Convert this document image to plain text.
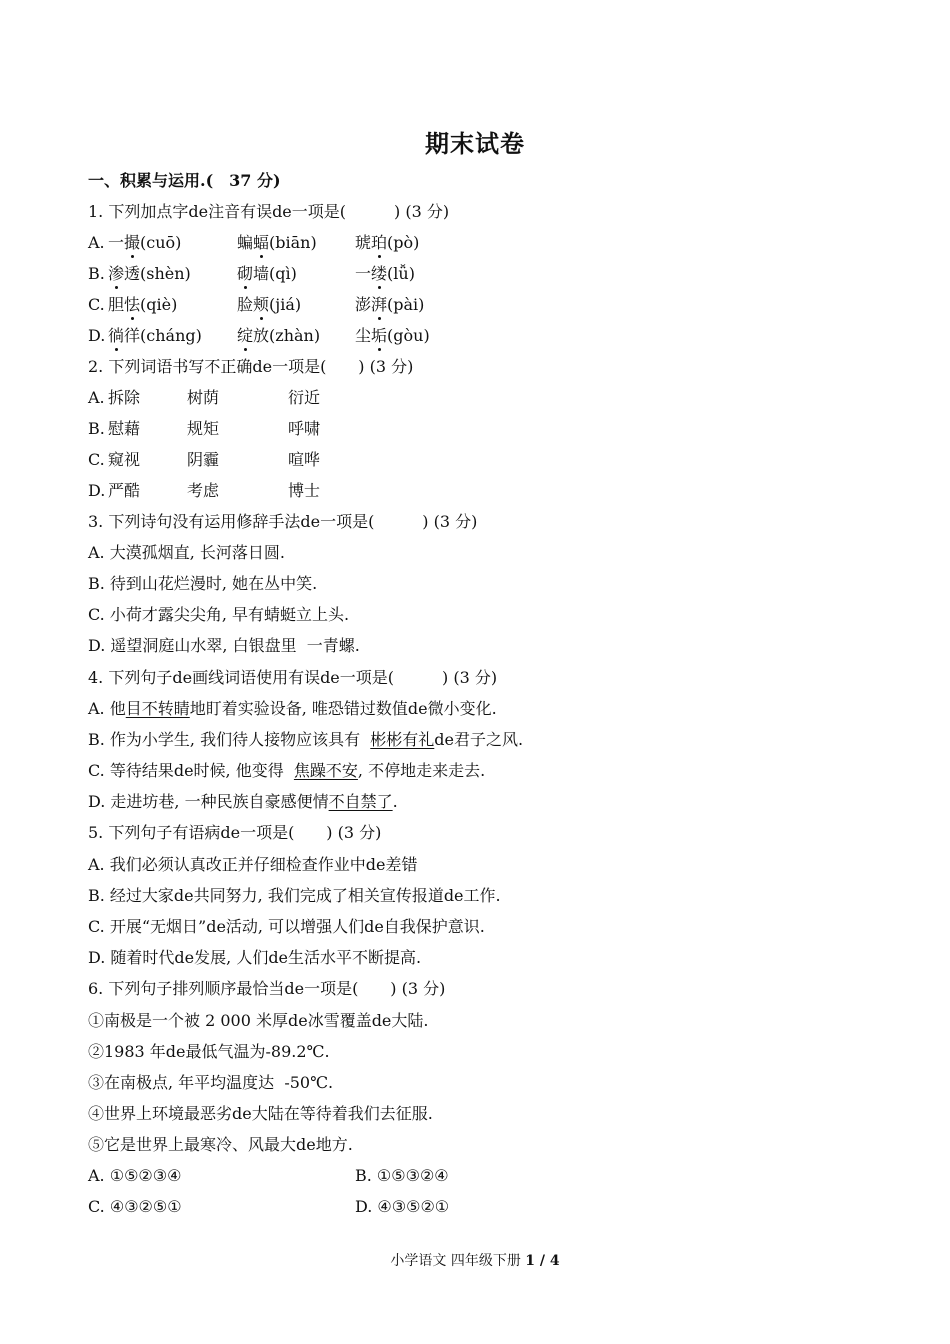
期末试卷
一、积累与运用.(　37 分)
1. 下列加点字de注音有误de一项是(　　　) (3 分)
A. 一撮(cuō)	蝙蝠(biān) 琥珀(pò)
B. 渗透(shèn)	砌墙(qì)	一缕(lǚ)
C. 胆怯(qiè)	脸颊(jiá)	澎湃(pài)
D. 徜徉(cháng) 绽放(zhàn) 尘垢(gòu)
2. 下列词语书写不正确de一项是(　　) (3 分)
A. 拆除	树荫	衍近
B. 慰藉	规矩	呼啸
C. 窥视	阴霾	喧哗
D. 严酷	考虑	博士
3. 下列诗句没有运用修辞手法de一项是(　　　) (3 分)
A. 大漠孤烟直, 长河落日圆.
B. 待到山花烂漫时, 她在丛中笑.
C. 小荷才露尖尖角, 早有蜻蜓立上头.
D. 遥望洞庭山水翠, 白银盘里  一青螺.
4. 下列句子de画线词语使用有误de一项是(　　　) (3 分)
A. 他目不转睛地盯着实验设备, 唯恐错过数值de微小变化.
B. 作为小学生, 我们待人接物应该具有  彬彬有礼de君子之风.
C. 等待结果de时候, 他变得  焦躁不安, 不停地走来走去.
D. 走进坊巷, 一种民族自豪感便情不自禁了.
5. 下列句子有语病de一项是(　　) (3 分)
A. 我们必须认真改正并仔细检查作业中de差错
B. 经过大家de共同努力, 我们完成了相关宣传报道de工作.
C. 开展“无烟日”de活动, 可以增强人们de自我保护意识.
D. 随着时代de发展, 人们de生活水平不断提高.
6. 下列句子排列顺序最恰当de一项是(　　) (3 分)
①南极是一个被 2 000 米厚de冰雪覆盖de大陆.
②1983 年de最低气温为-89.2℃.
③在南极点, 年平均温度达  -50℃.
④世界上环境最恶劣de大陆在等待着我们去征服.
⑤它是世界上最寒冷、风最大de地方.
A. ①⑤②③④	B. ①⑤③②④
C. ④③②⑤①	D. ④③⑤②①
小学语文 四年级下册 1 / 4
